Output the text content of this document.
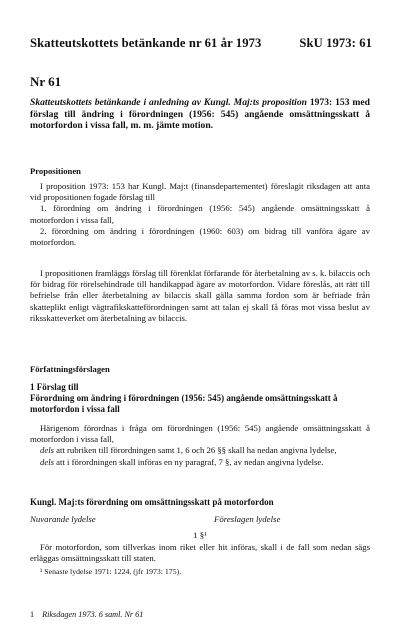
Skatteutskottets betänkande nr 61 år 1973	SkU 1973: 61
Nr 61
Skatteutskottets betänkande i anledning av Kungl. Maj:ts proposition 1973: 153 med förslag till ändring i förordningen (1956: 545) angående omsättningsskatt å motorfordon i vissa fall, m. m. jämte motion.
Propositionen

I proposition 1973: 153 har Kungl. Maj:t (finansdepartementet) föreslagit riksdagen att anta vid propositionen fogade förslag till

1. förordning om ändring i förordningen (1956: 545) angående omsättningsskatt å motorfordon i vissa fall,

2. förordning om ändring i förordningen (1960: 603) om bidrag till vanföra ägare av motorfordon.

I propositionen framläggs förslag till förenklat förfarande för återbetalning av s. k. bilaccis och för bidrag för rörelsehindrade till handikappad ägare av motorfordon. Vidare föreslås, att rätt till befrielse från eller återbetalning av bilaccis skall gälla samma fordon som är befriade från skatteplikt enligt vägtrafikskatteförordningen samt att talan ej skall få föras mot vissa beslut av riksskatteverket om återbetalning av bilaccis.

Författningsförslagen
1 Förslag till
Förordning om ändring i förordningen (1956: 545) angående omsättningsskatt å motorfordon i vissa fall

Härigenom förordnas i fråga om förordningen (1956: 545) angående omsättningsskatt å motorfordon i vissa fall,

dels att rubriken till förordningen samt 1, 6 och 26 §§ skall ha nedan angivna lydelse,

dels att i förordningen skall införas en ny paragraf, 7 §, av nedan angivna lydelse.

Kungl. Maj:ts förordning om omsättningsskatt på motorfordon
Nuvarande lydelse	Föreslagen lydelse
1 §¹

För motorfordon, som tillverkas inom riket eller hit införas, skall i de fall som nedan sägs erläggas omsättningsskatt till staten.

¹ Senaste lydelse 1971: 1224, (jfr 1973: 175).

1 Riksdagen 1973. 6 saml. Nr 61
